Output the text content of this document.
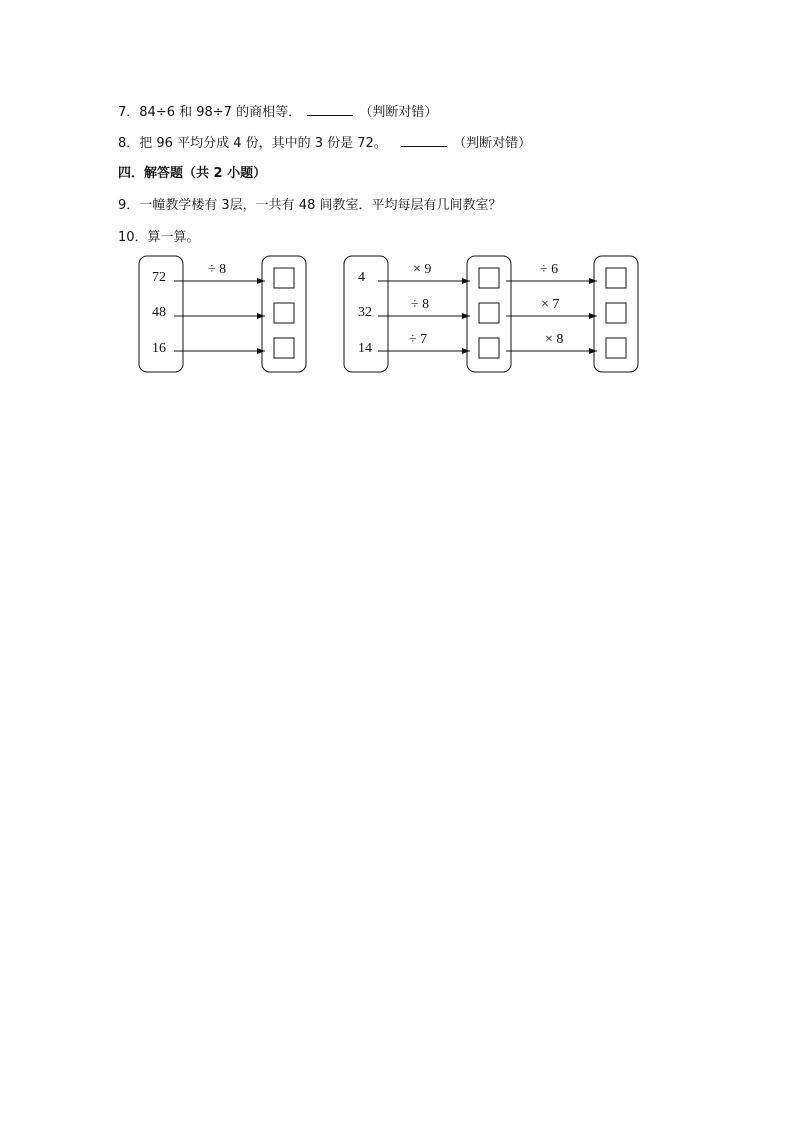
7．84÷6 和 98÷7 的商相等．	（判断对错）
8．把 96 平均分成 4 份，其中的 3 份是 72。	（判断对错）
四．解答题（共 2 小题）
9．一幢教学楼有 3层，一共有 48 间教室．平均每层有几间教室？
10．算一算。
72
48
16
÷ 8
4
32
14
× 9
÷ 8
÷ 7
÷ 6
× 7
× 8
